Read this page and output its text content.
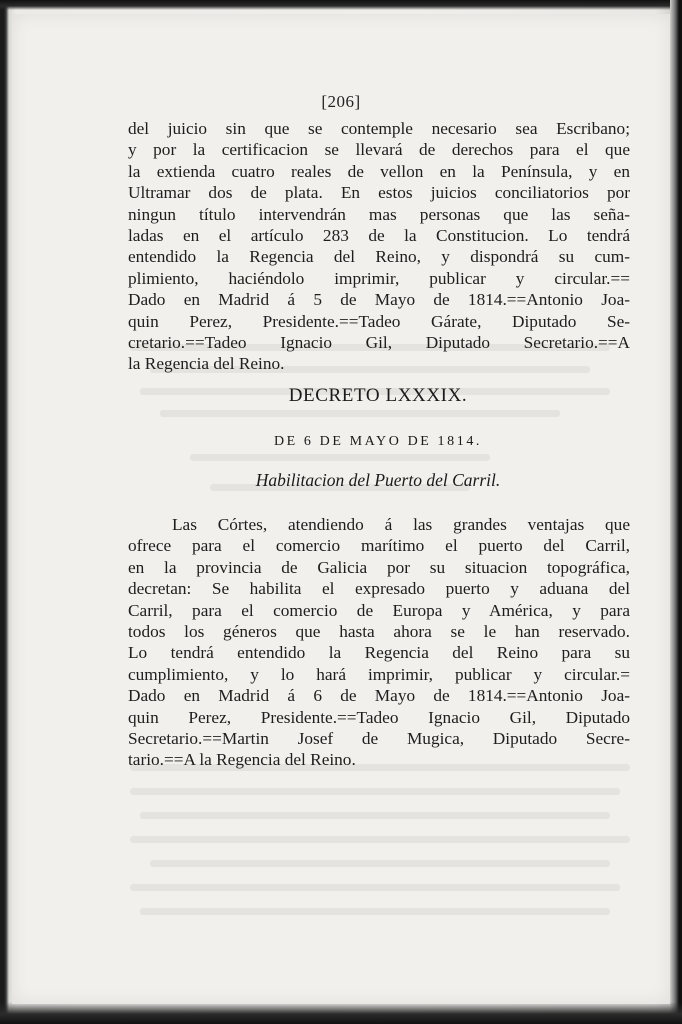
[206]
del juicio sin que se contemple necesario sea Escribano;
y por la certificacion se llevará de derechos para el que
la extienda cuatro reales de vellon en la Península, y en
Ultramar dos de plata. En estos juicios conciliatorios por
ningun título intervendrán mas personas que las seña-
ladas en el artículo 283 de la Constitucion. Lo tendrá
entendido la Regencia del Reino, y dispondrá su cum-
plimiento, haciéndolo imprimir, publicar y circular.==
Dado en Madrid á 5 de Mayo de 1814.==Antonio Joa-
quin Perez, Presidente.==Tadeo Gárate, Diputado Se-
cretario.==Tadeo Ignacio Gil, Diputado Secretario.==A
la Regencia del Reino.
DECRETO LXXXIX.
DE 6 DE MAYO DE 1814.
Habilitacion del Puerto del Carril.
Las Córtes, atendiendo á las grandes ventajas que
ofrece para el comercio marítimo el puerto del Carril,
en la provincia de Galicia por su situacion topográfica,
decretan: Se habilita el expresado puerto y aduana del
Carril, para el comercio de Europa y América, y para
todos los géneros que hasta ahora se le han reservado.
Lo tendrá entendido la Regencia del Reino para su
cumplimiento, y lo hará imprimir, publicar y circular.=
Dado en Madrid á 6 de Mayo de 1814.==Antonio Joa-
quin Perez, Presidente.==Tadeo Ignacio Gil, Diputado
Secretario.==Martin Josef de Mugica, Diputado Secre-
tario.==A la Regencia del Reino.
